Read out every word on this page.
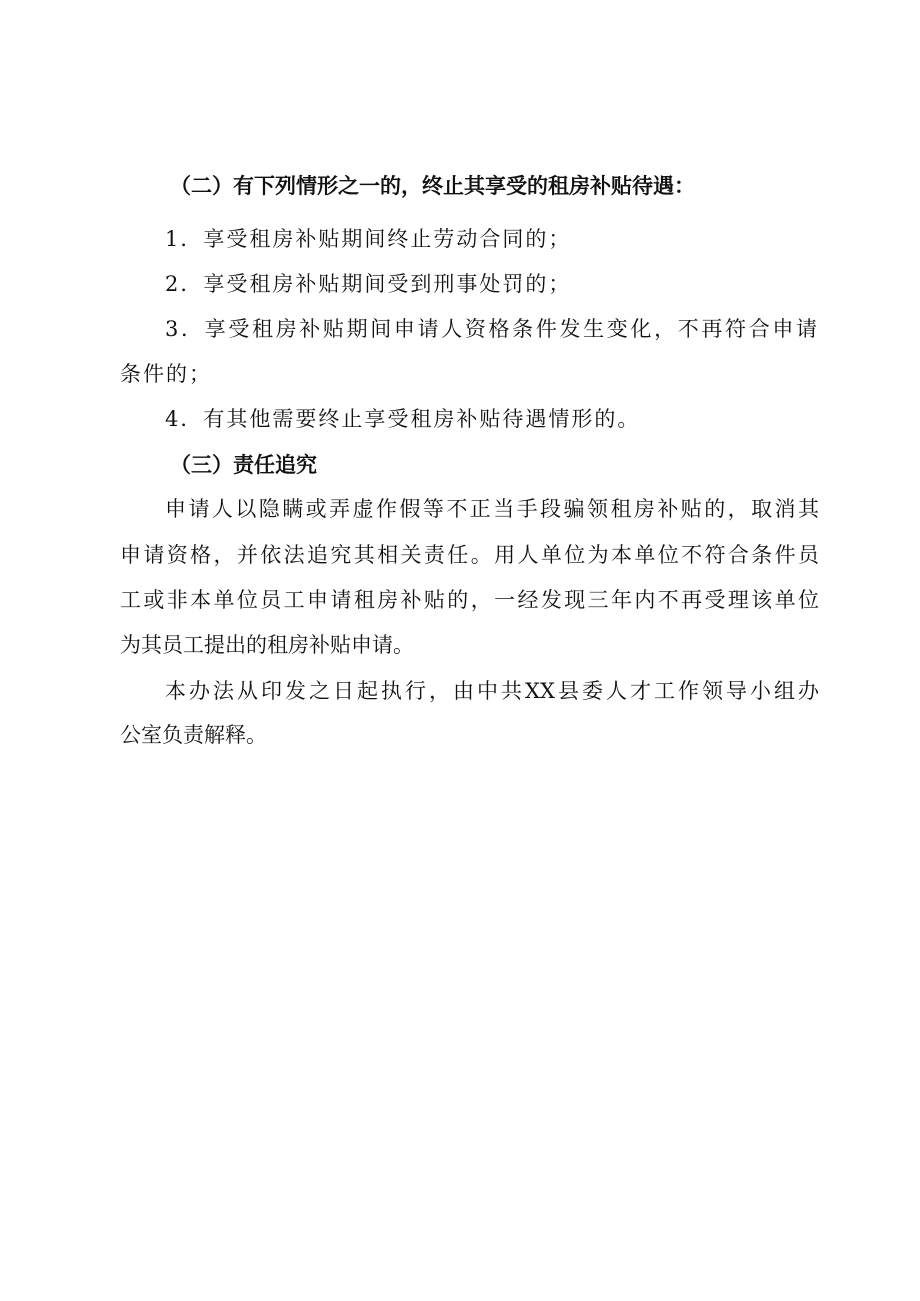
（二）有下列情形之一的，终止其享受的租房补贴待遇：

1．享受租房补贴期间终止劳动合同的；

2．享受租房补贴期间受到刑事处罚的；

3．享受租房补贴期间申请人资格条件发生变化，不再符合申请

条件的；

4．有其他需要终止享受租房补贴待遇情形的。

（三）责任追究

申请人以隐瞒或弄虚作假等不正当手段骗领租房补贴的，取消其

申请资格，并依法追究其相关责任。用人单位为本单位不符合条件员

工或非本单位员工申请租房补贴的，一经发现三年内不再受理该单位

为其员工提出的租房补贴申请。

本办法从印发之日起执行，由中共XX县委人才工作领导小组办

公室负责解释。
